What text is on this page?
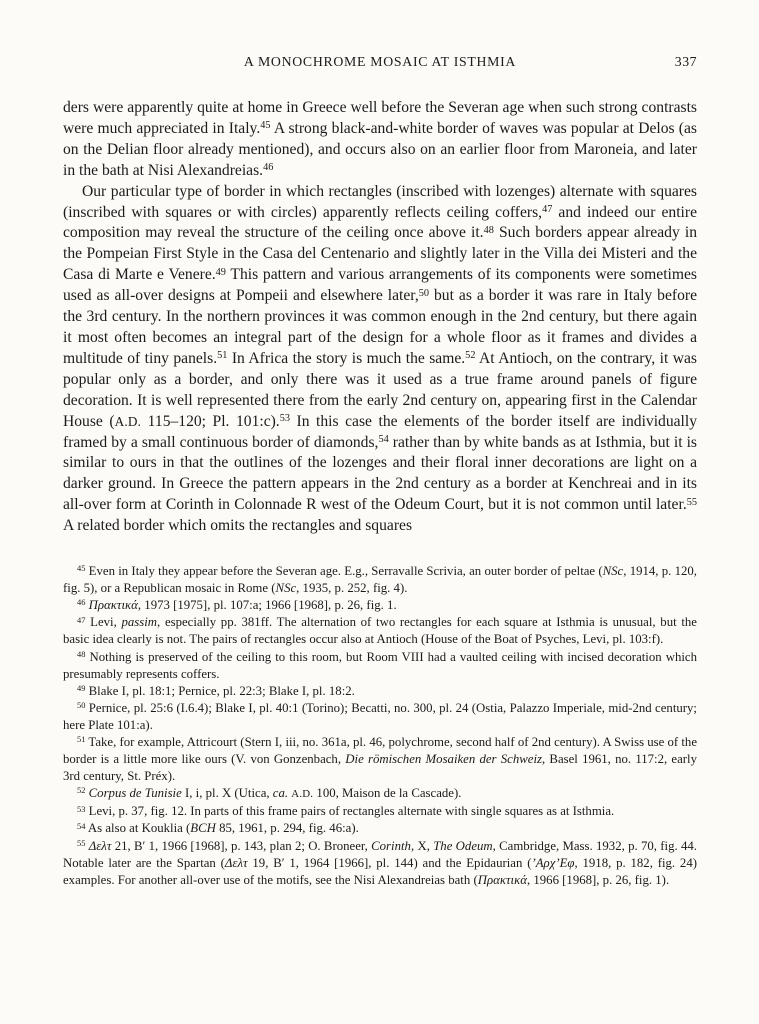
A MONOCHROME MOSAIC AT ISTHMIA	337

ders were apparently quite at home in Greece well before the Severan age when such strong contrasts were much appreciated in Italy.$^{45}$ A strong black-and-white border of waves was popular at Delos (as on the Delian floor already mentioned), and occurs also on an earlier floor from Maroneia, and later in the bath at Nisi Alexandreias.$^{46}$

Our particular type of border in which rectangles (inscribed with lozenges) alternate with squares (inscribed with squares or with circles) apparently reflects ceiling coffers,$^{47}$ and indeed our entire composition may reveal the structure of the ceiling once above it.$^{48}$ Such borders appear already in the Pompeian First Style in the Casa del Centenario and slightly later in the Villa dei Misteri and the Casa di Marte e Venere.$^{49}$ This pattern and various arrangements of its components were sometimes used as all-over designs at Pompeii and elsewhere later,$^{50}$ but as a border it was rare in Italy before the 3rd century. In the northern provinces it was common enough in the 2nd century, but there again it most often becomes an integral part of the design for a whole floor as it frames and divides a multitude of tiny panels.$^{51}$ In Africa the story is much the same.$^{52}$ At Antioch, on the contrary, it was popular only as a border, and only there was it used as a true frame around panels of figure decoration. It is well represented there from the early 2nd century on, appearing first in the Calendar House (A.D. 115–120; Pl. 101:c).$^{53}$ In this case the elements of the border itself are individually framed by a small continuous border of diamonds,$^{54}$ rather than by white bands as at Isthmia, but it is similar to ours in that the outlines of the lozenges and their floral inner decorations are light on a darker ground. In Greece the pattern appears in the 2nd century as a border at Kenchreai and in its all-over form at Corinth in Colonnade R west of the Odeum Court, but it is not common until later.$^{55}$ A related border which omits the rectangles and squares

$^{45}$ Even in Italy they appear before the Severan age. E.g., Serravalle Scrivia, an outer border of peltae (NSc, 1914, p. 120, fig. 5), or a Republican mosaic in Rome (NSc, 1935, p. 252, fig. 4).

$^{46}$ Πρακτικά, 1973 [1975], pl. 107:a; 1966 [1968], p. 26, fig. 1.

$^{47}$ Levi, passim, especially pp. 381ff. The alternation of two rectangles for each square at Isthmia is unusual, but the basic idea clearly is not. The pairs of rectangles occur also at Antioch (House of the Boat of Psyches, Levi, pl. 103:f).

$^{48}$ Nothing is preserved of the ceiling to this room, but Room VIII had a vaulted ceiling with incised decoration which presumably represents coffers.

$^{49}$ Blake I, pl. 18:1; Pernice, pl. 22:3; Blake I, pl. 18:2.

$^{50}$ Pernice, pl. 25:6 (I.6.4); Blake I, pl. 40:1 (Torino); Becatti, no. 300, pl. 24 (Ostia, Palazzo Imperiale, mid-2nd century; here Plate 101:a).

$^{51}$ Take, for example, Attricourt (Stern I, iii, no. 361a, pl. 46, polychrome, second half of 2nd century). A Swiss use of the border is a little more like ours (V. von Gonzenbach, Die römischen Mosaiken der Schweiz, Basel 1961, no. 117:2, early 3rd century, St. Préx).

$^{52}$ Corpus de Tunisie I, i, pl. X (Utica, ca. A.D. 100, Maison de la Cascade).

$^{53}$ Levi, p. 37, fig. 12. In parts of this frame pairs of rectangles alternate with single squares as at Isthmia.

$^{54}$ As also at Kouklia (BCH 85, 1961, p. 294, fig. 46:a).

$^{55}$ Δελτ 21, Β′ 1, 1966 [1968], p. 143, plan 2; O. Broneer, Corinth, X, The Odeum, Cambridge, Mass. 1932, p. 70, fig. 44. Notable later are the Spartan (Δελτ 19, Β′ 1, 1964 [1966], pl. 144) and the Epidaurian (’Αρχ’Εφ, 1918, p. 182, fig. 24) examples. For another all-over use of the motifs, see the Nisi Alexandreias bath (Πρακτικά, 1966 [1968], p. 26, fig. 1).
